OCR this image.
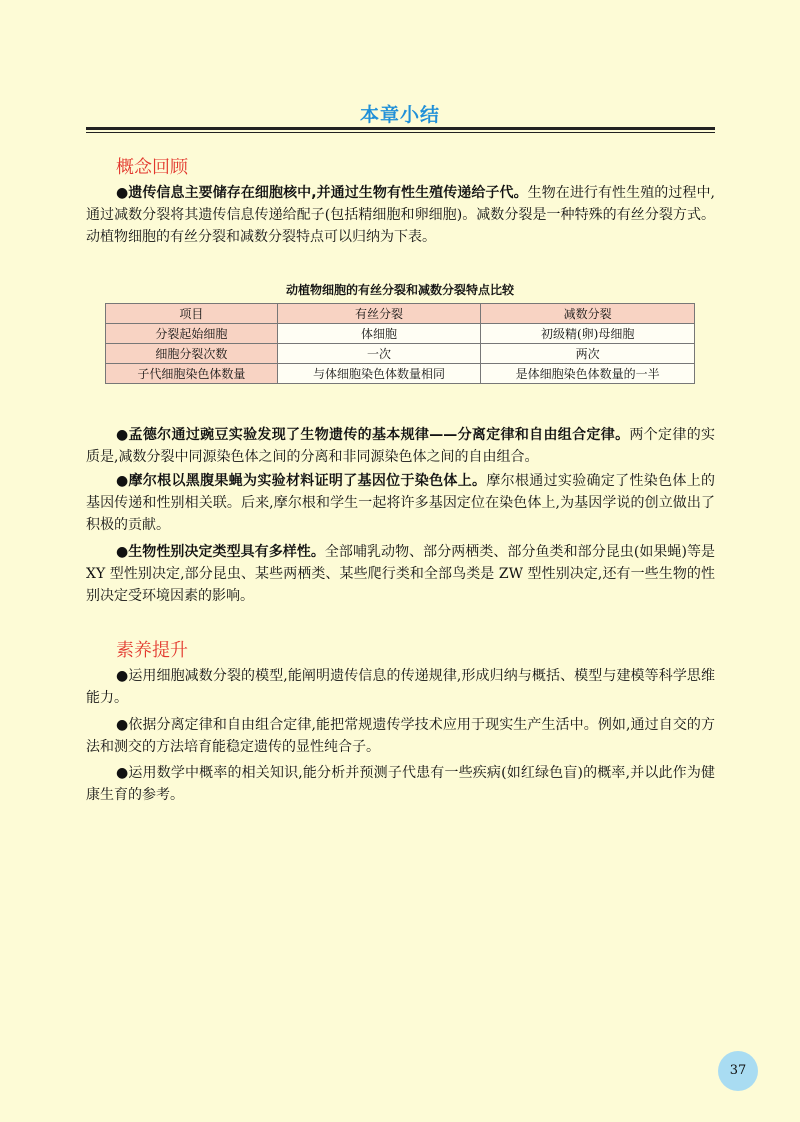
本章小结
概念回顾
●遗传信息主要储存在细胞核中,并通过生物有性生殖传递给子代。生物在进行有性生殖的过程中,通过减数分裂将其遗传信息传递给配子(包括精细胞和卵细胞)。减数分裂是一种特殊的有丝分裂方式。动植物细胞的有丝分裂和减数分裂特点可以归纳为下表。
动植物细胞的有丝分裂和减数分裂特点比较
项目	有丝分裂	减数分裂
分裂起始细胞	体细胞	初级精(卵)母细胞
细胞分裂次数	一次	两次
子代细胞染色体数量	与体细胞染色体数量相同	是体细胞染色体数量的一半
●孟德尔通过豌豆实验发现了生物遗传的基本规律——分离定律和自由组合定律。两个定律的实质是,减数分裂中同源染色体之间的分离和非同源染色体之间的自由组合。
●摩尔根以黑腹果蝇为实验材料证明了基因位于染色体上。摩尔根通过实验确定了性染色体上的基因传递和性别相关联。后来,摩尔根和学生一起将许多基因定位在染色体上,为基因学说的创立做出了积极的贡献。
●生物性别决定类型具有多样性。全部哺乳动物、部分两栖类、部分鱼类和部分昆虫(如果蝇)等是 XY 型性别决定,部分昆虫、某些两栖类、某些爬行类和全部鸟类是 ZW 型性别决定,还有一些生物的性别决定受环境因素的影响。
素养提升
●运用细胞减数分裂的模型,能阐明遗传信息的传递规律,形成归纳与概括、模型与建模等科学思维能力。
●依据分离定律和自由组合定律,能把常规遗传学技术应用于现实生产生活中。例如,通过自交的方法和测交的方法培育能稳定遗传的显性纯合子。
●运用数学中概率的相关知识,能分析并预测子代患有一些疾病(如红绿色盲)的概率,并以此作为健康生育的参考。
37
